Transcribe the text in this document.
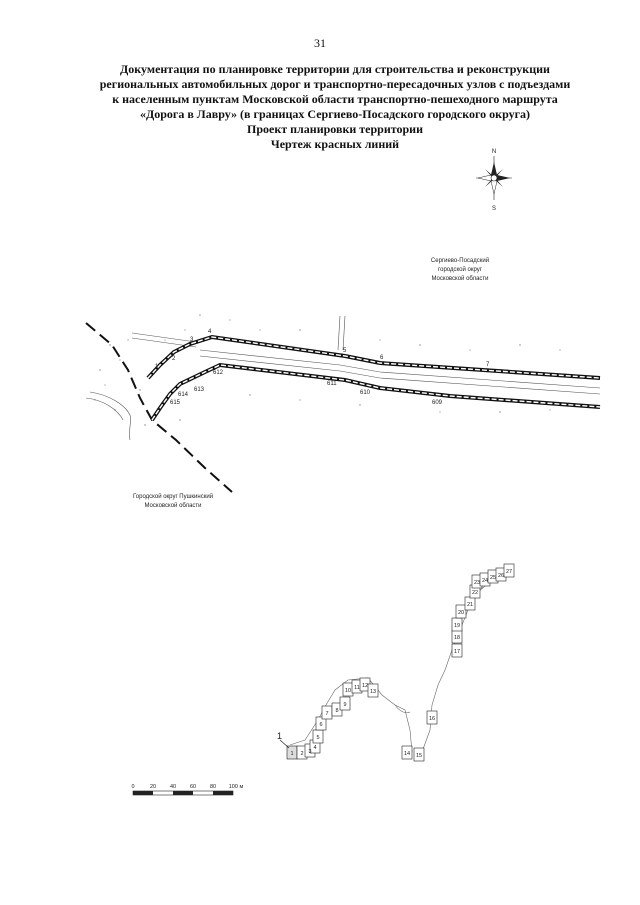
31
Документация по планировке территории для строительства и реконструкции
региональных автомобильных дорог и транспортно-пересадочных узлов с подъездами
к населенным пунктам Московской области транспортно-пешеходного маршрута
«Дорога в Лавру» (в границах Сергиево-Посадского городского округа)
Проект планировки территории
Чертеж красных линий
N
S
Сергиево-Посадский
городской округ
Московской области
Городской округ Пушкинский
Московской области
1
2
3
4
5
6
7
609
610
611
612
613
614
615
1 2 3
4
5
6
7 8
9
10 11 12
13
14 15
16
17
18
19
20
21
22
23 24 25 26
27
1
0	20	40	60	80 100 м
